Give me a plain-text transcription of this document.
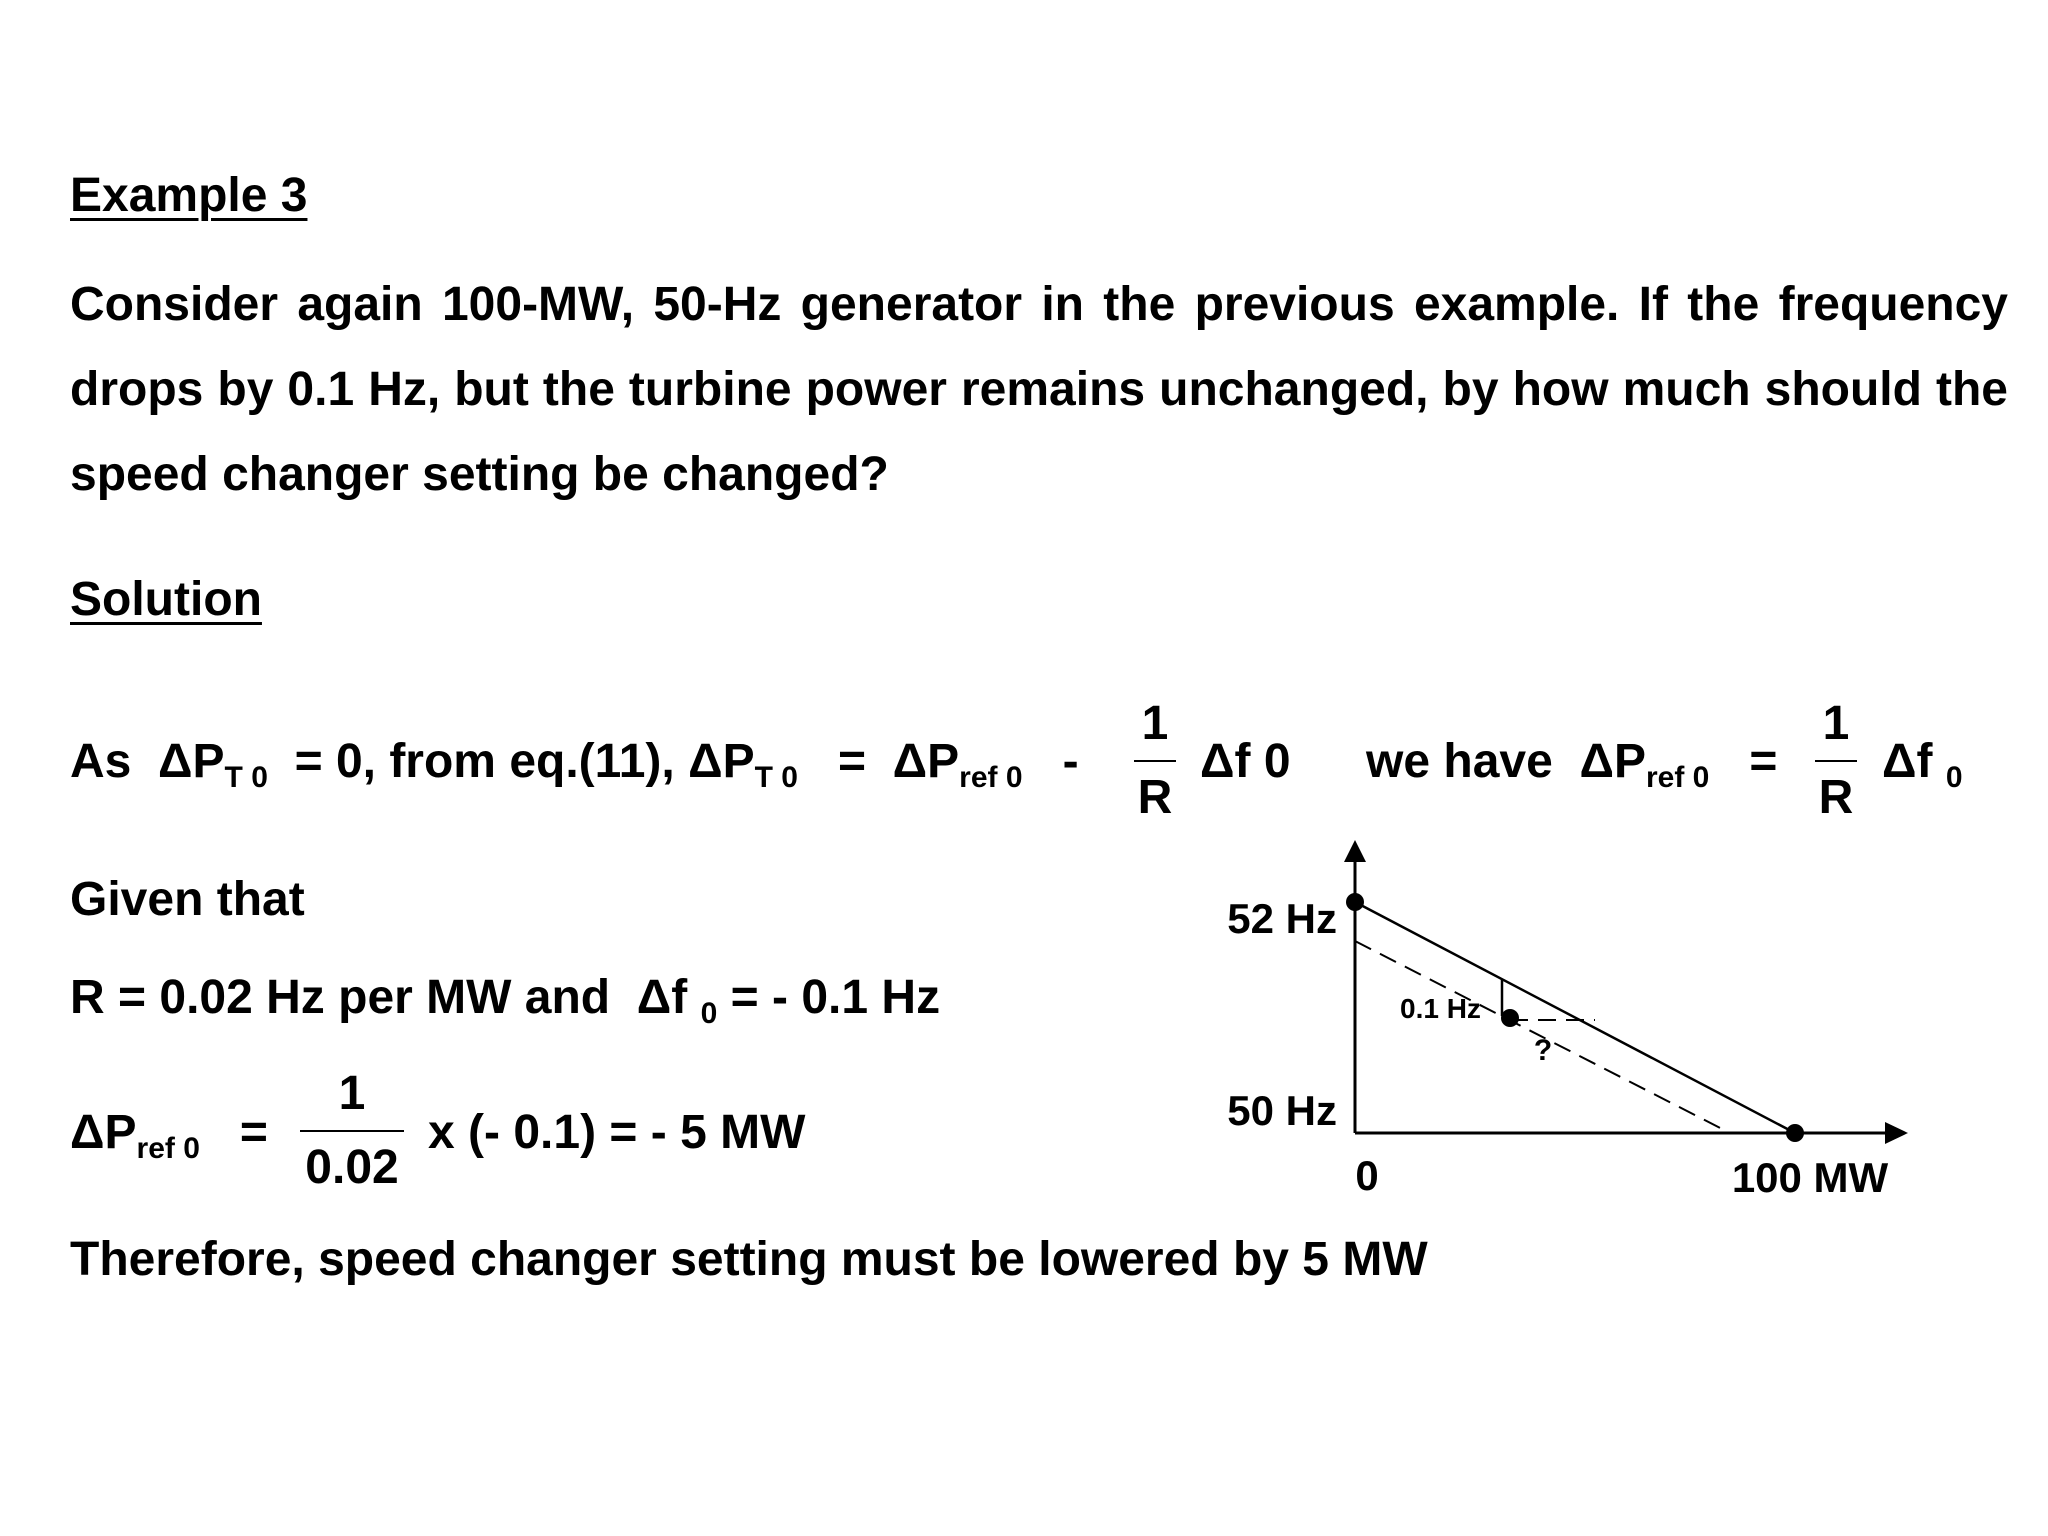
Example 3
Consider again 100-MW, 50-Hz generator in the previous example. If the frequency drops by 0.1 Hz, but the turbine power remains unchanged, by how much should the speed changer setting be changed?
Solution
As $\Delta P_{T 0} = 0$, from eq.(11), $\Delta P_{T 0} = \Delta P_{ref 0}$ -
1
R
Δf 0 we have $\Delta P_{ref 0}$ =
1
R
Δf $_0$
Given that
R = 0.02 Hz per MW and Δf $_0$ = - 0.1 Hz
$\Delta P_{ref 0}$ =
1
0.02
x (- 0.1) = - 5 MW
Therefore, speed changer setting must be lowered by 5 MW
52 Hz
50 Hz
0	100 MW
0.1 Hz
?
